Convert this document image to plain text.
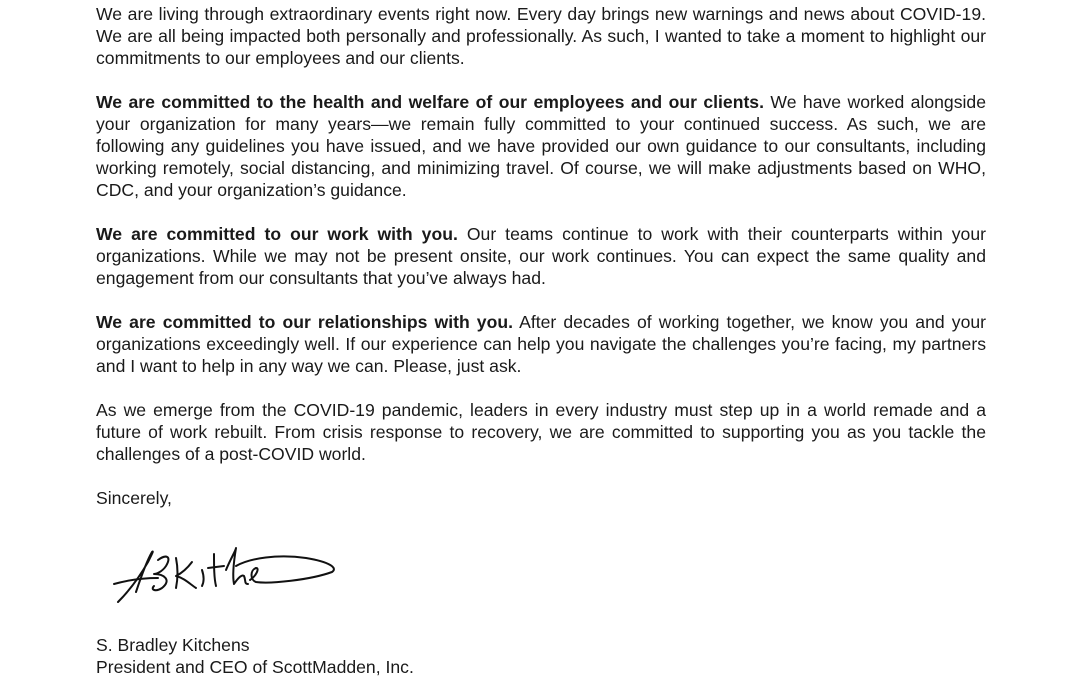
We are living through extraordinary events right now. Every day brings new warnings and news about COVID-19. We are all being impacted both personally and professionally. As such, I wanted to take a moment to highlight our commitments to our employees and our clients.

We are committed to the health and welfare of our employees and our clients. We have worked alongside your organization for many years—we remain fully committed to your continued success. As such, we are following any guidelines you have issued, and we have provided our own guidance to our consultants, including working remotely, social distancing, and minimizing travel. Of course, we will make adjustments based on WHO, CDC, and your organization’s guidance.

We are committed to our work with you. Our teams continue to work with their counterparts within your organizations. While we may not be present onsite, our work continues. You can expect the same quality and engagement from our consultants that you’ve always had.

We are committed to our relationships with you. After decades of working together, we know you and your organizations exceedingly well. If our experience can help you navigate the challenges you’re facing, my partners and I want to help in any way we can. Please, just ask.

As we emerge from the COVID-19 pandemic, leaders in every industry must step up in a world remade and a future of work rebuilt. From crisis response to recovery, we are committed to supporting you as you tackle the challenges of a post-COVID world.

Sincerely,

S. Bradley Kitchens
President and CEO of ScottMadden, Inc.
